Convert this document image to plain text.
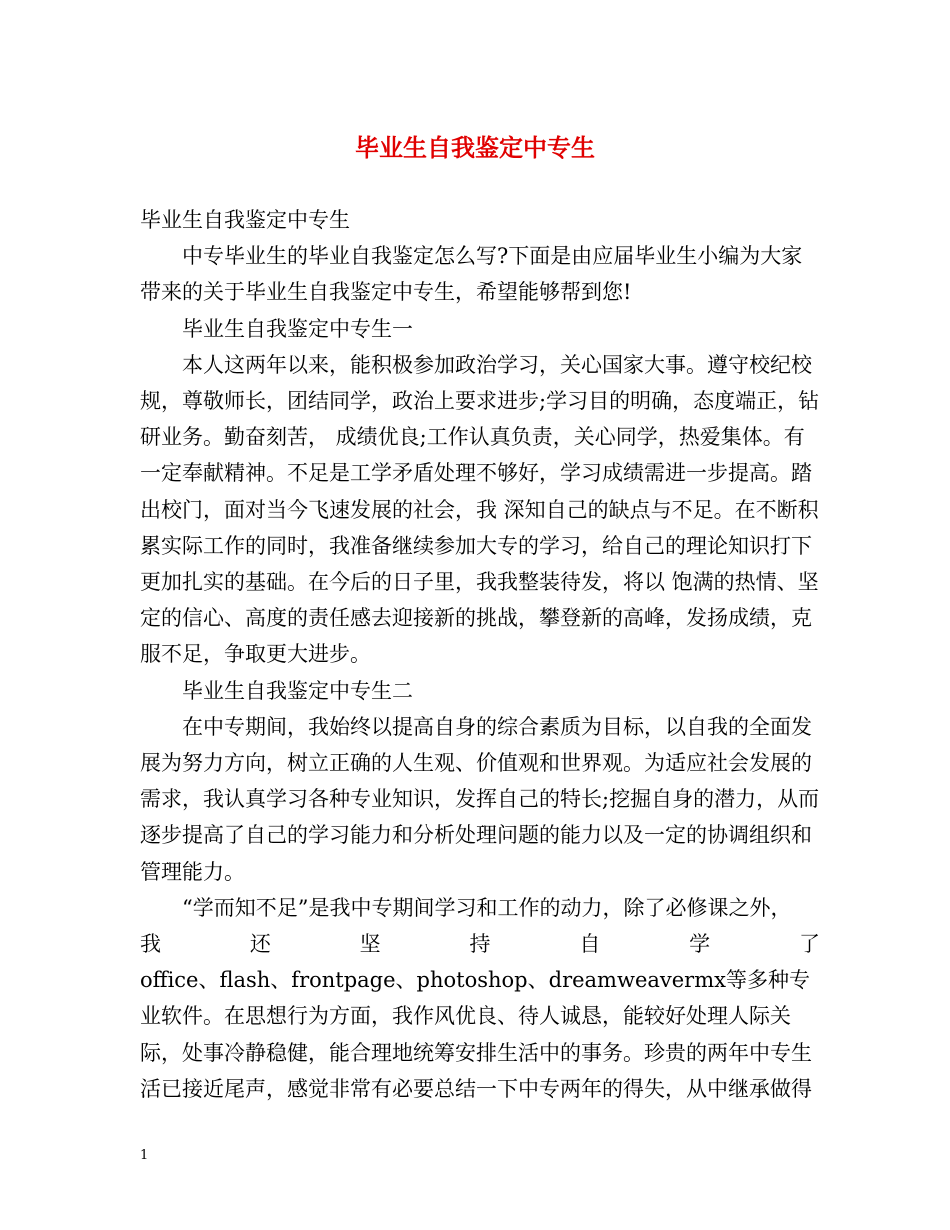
毕业生自我鉴定中专生

毕业生自我鉴定中专生

中专毕业生的毕业自我鉴定怎么写?下面是由应届毕业生小编为大家带来的关于毕业生自我鉴定中专生，希望能够帮到您!

毕业生自我鉴定中专生一

本人这两年以来，能积极参加政治学习，关心国家大事。遵守校纪校规，尊敬师长，团结同学，政治上要求进步;学习目的明确，态度端正，钻研业务。勤奋刻苦， 成绩优良;工作认真负责，关心同学，热爱集体。有一定奉献精神。不足是工学矛盾处理不够好，学习成绩需进一步提高。踏出校门，面对当今飞速发展的社会，我 深知自己的缺点与不足。在不断积累实际工作的同时，我准备继续参加大专的学习，给自己的理论知识打下更加扎实的基础。在今后的日子里，我我整装待发，将以 饱满的热情、坚定的信心、高度的责任感去迎接新的挑战，攀登新的高峰，发扬成绩，克服不足，争取更大进步。

毕业生自我鉴定中专生二

在中专期间，我始终以提高自身的综合素质为目标，以自我的全面发展为努力方向，树立正确的人生观、价值观和世界观。为适应社会发展的需求，我认真学习各种专业知识，发挥自己的特长;挖掘自身的潜力，从而逐步提高了自己的学习能力和分析处理问题的能力以及一定的协调组织和管理能力。

“学而知不足”是我中专期间学习和工作的动力，除了必修课之外，

我	还	坚	持	自	学	了

office、flash、frontpage、photoshop、dreamweavermx等多种专业软件。在思想行为方面，我作风优良、待人诚恳，能较好处理人际关际，处事冷静稳健，能合理地统筹安排生活中的事务。珍贵的两年中专生活已接近尾声，感觉非常有必要总结一下中专两年的得失，从中继承做得

1
